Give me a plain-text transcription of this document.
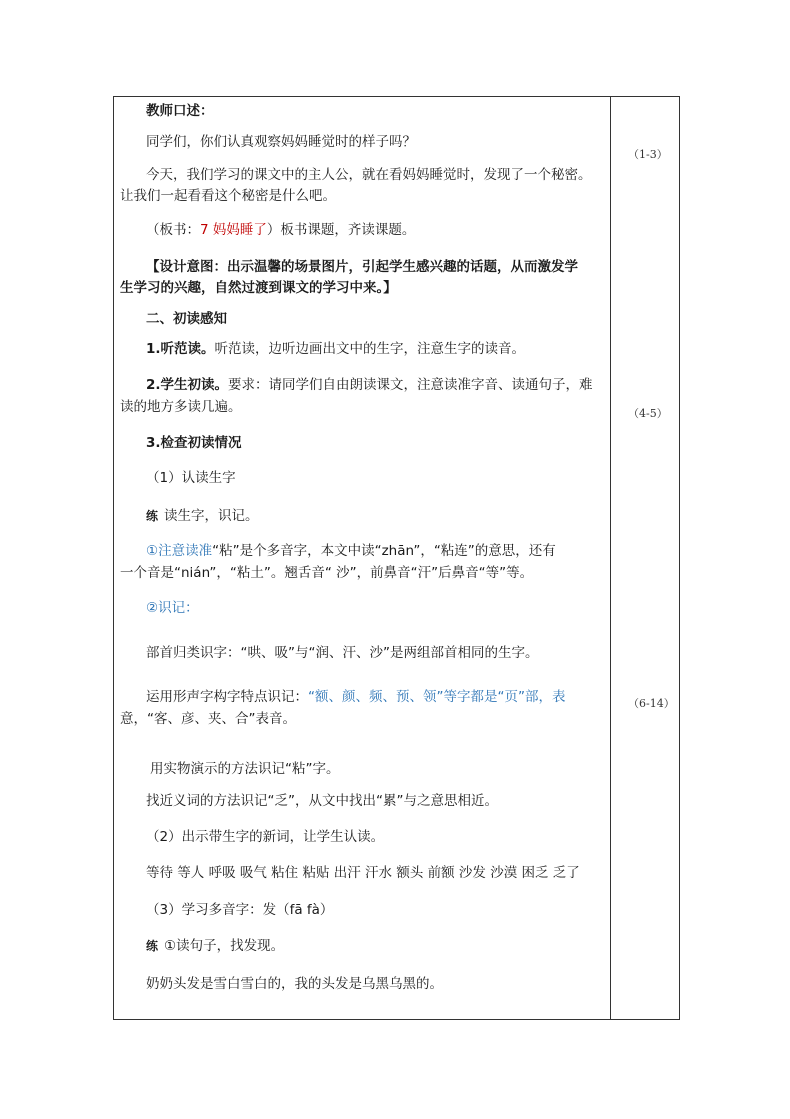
教师口述：
同学们，你们认真观察妈妈睡觉时的样子吗？
今天，我们学习的课文中的主人公，就在看妈妈睡觉时，发现了一个秘密。
让我们一起看看这个秘密是什么吧。
（板书：7 妈妈睡了）板书课题，齐读课题。
【设计意图：出示温馨的场景图片，引起学生感兴趣的话题，从而激发学
生学习的兴趣，自然过渡到课文的学习中来。】
二、初读感知
1.听范读。听范读，边听边画出文中的生字，注意生字的读音。
2.学生初读。要求：请同学们自由朗读课文，注意读准字音、读通句子，难
读的地方多读几遍。
3.检查初读情况
（1）认读生字
练 读生字，识记。
①注意读准“粘”是个多音字，本文中读“zhān”，“粘连”的意思，还有
一个音是“nián”，“粘土”。翘舌音“ 沙”，前鼻音“汗”后鼻音“等”等。
②识记：
部首归类识字：“哄、吸”与“润、汗、沙”是两组部首相同的生字。
运用形声字构字特点识记：“额、颜、频、预、领”等字都是“页”部，表
意，“客、彦、夹、合”表音。
用实物演示的方法识记“粘”字。
找近义词的方法识记“乏”，从文中找出“累”与之意思相近。
（2）出示带生字的新词，让学生认读。
等待 等人 呼吸 吸气 粘住 粘贴 出汗 汗水 额头 前额 沙发 沙漠 困乏 乏了
（3）学习多音字：发（fā fà）
练 ①读句子，找发现。
奶奶头发是雪白雪白的，我的头发是乌黑乌黑的。
（1-3）
（4-5）
（6-14）
